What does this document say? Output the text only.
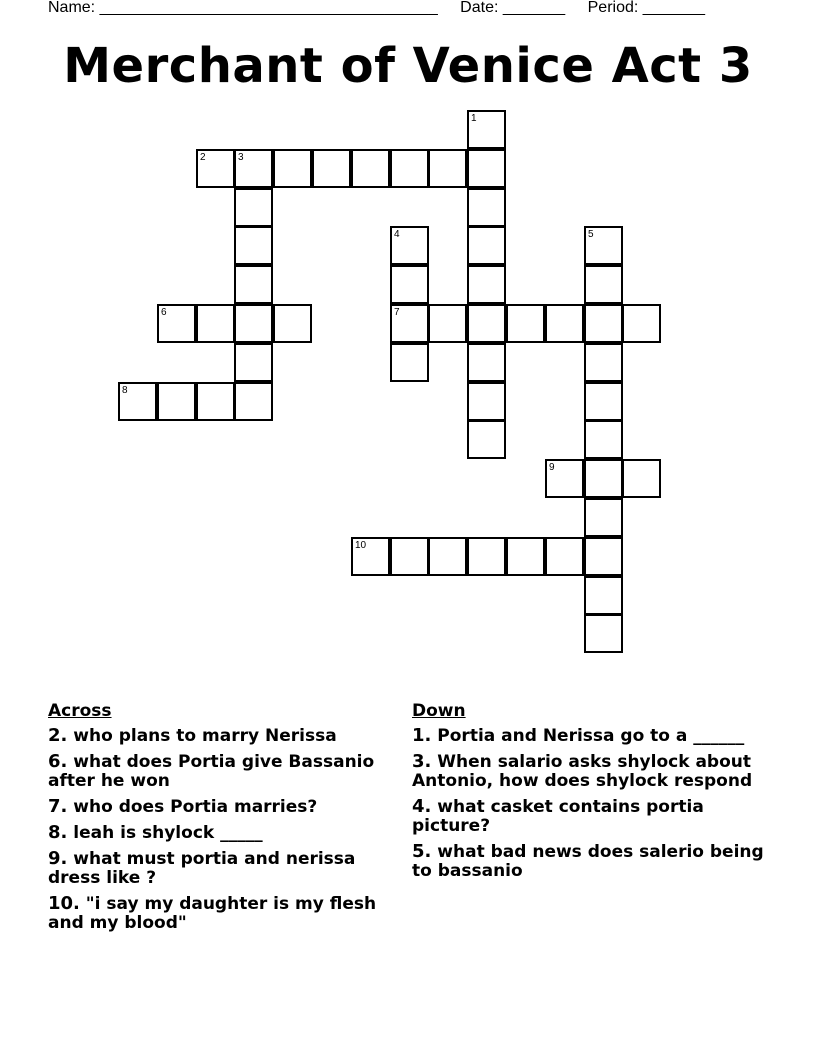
Name: ______________________________________ Date: _______ Period: _______
Merchant of Venice Act 3
2	3
1
4
7
5
6
8
9
10
Across
2. who plans to marry Nerissa
6. what does Portia give Bassanio after he won
7. who does Portia marries?
8. leah is shylock _____
9. what must portia and nerissa dress like ?
10. "i say my daughter is my flesh and my blood"
Down
1. Portia and Nerissa go to a ______
3. When salario asks shylock about Antonio, how does shylock respond
4. what casket contains portia picture?
5. what bad news does salerio being to bassanio
